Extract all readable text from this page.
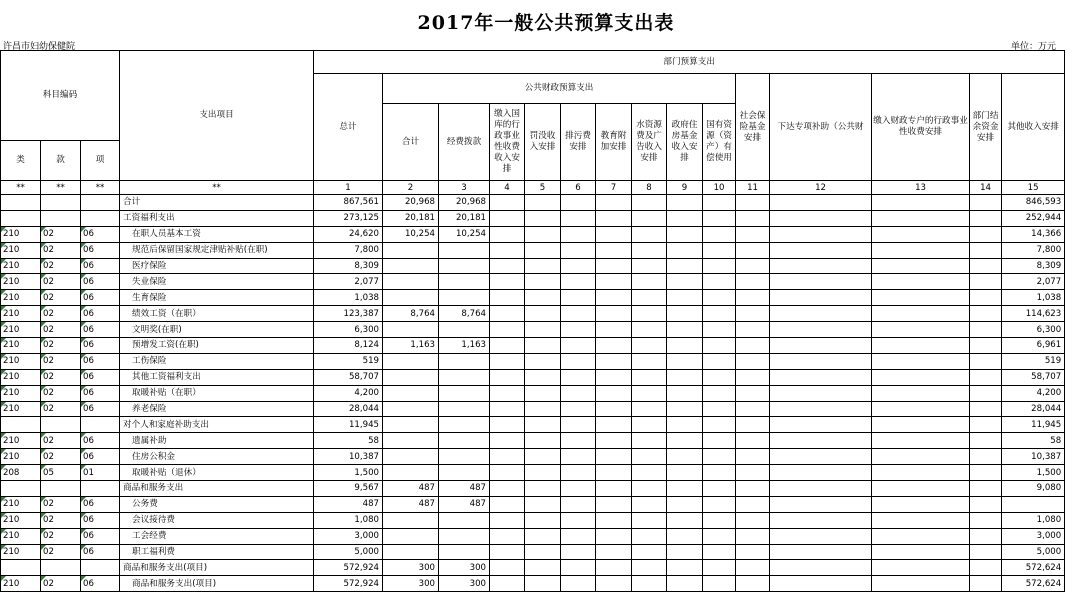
2017年一般公共预算支出表
许昌市妇幼保健院	单位：万元
科目编码			支出项目	部门预算支出														
				总计	公共财政预算支出									社会保险基金安排	下达专项补助（公共财	缴入财政专户的行政事业性收费安排	部门结余资金安排	其他收入安排
					合计	经费拨款	缴入国库的行政事业性收费收入安排	罚没收入安排	排污费安排	教育附加安排	水资源费及广告收入安排	政府住房基金收入安排	国有资源（资产）有偿使用					
类	款	项																
**	**	**	**	1	2	3	4	5	6	7	8	9	10	11	12	13	14	15
			合计	867,561	20,968	20,968												846,593
			工资福利支出	273,125	20,181	20,181												252,944
210	02	06	在职人员基本工资	24,620	10,254	10,254												14,366
210	02	06	规范后保留国家规定津贴补贴(在职)	7,800														7,800
210	02	06	医疗保险	8,309														8,309
210	02	06	失业保险	2,077														2,077
210	02	06	生育保险	1,038														1,038
210	02	06	绩效工资（在职）	123,387	8,764	8,764												114,623
210	02	06	文明奖(在职)	6,300														6,300
210	02	06	预增发工资(在职)	8,124	1,163	1,163												6,961
210	02	06	工伤保险	519														519
210	02	06	其他工资福利支出	58,707														58,707
210	02	06	取暖补贴（在职）	4,200														4,200
210	02	06	养老保险	28,044														28,044
			对个人和家庭补助支出	11,945														11,945
210	02	06	遗属补助	58														58
210	02	06	住房公积金	10,387														10,387
208	05	01	取暖补贴（退休）	1,500														1,500
			商品和服务支出	9,567	487	487												9,080
210	02	06	公务费	487	487	487												
210	02	06	会议接待费	1,080														1,080
210	02	06	工会经费	3,000														3,000
210	02	06	职工福利费	5,000														5,000
			商品和服务支出(项目)	572,924	300	300												572,624
210	02	06	商品和服务支出(项目)	572,924	300	300												572,624
